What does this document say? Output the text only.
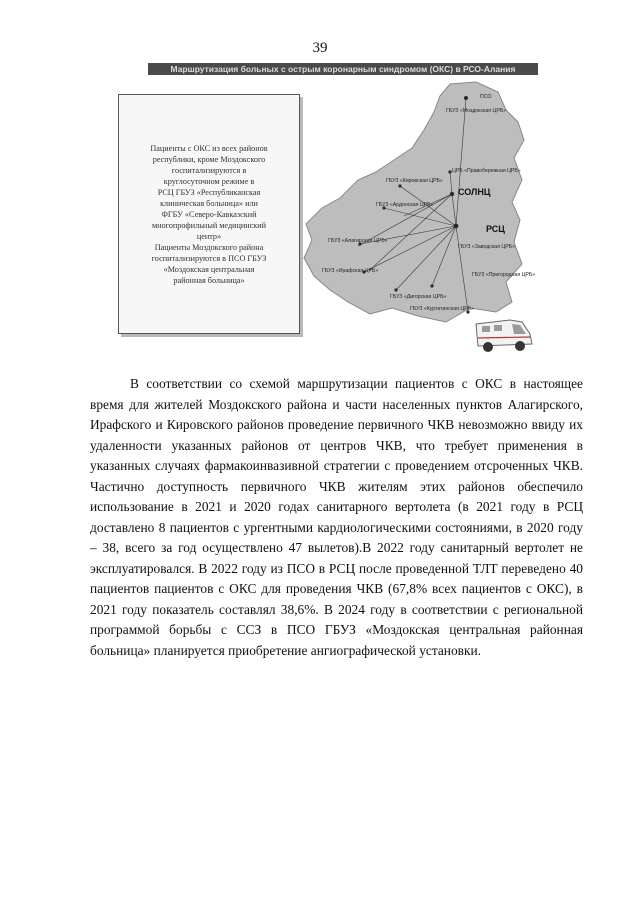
39
Маршрутизация больных с острым коронарным синдромом (ОКС) в РСО-Алания

Пациенты с ОКС из всех районов

республики, кроме Моздокского

госпитализируются в

круглосуточном режиме в

РСЦ ГБУЗ «Республиканская

клиническая больница» или

ФГБУ «Северо-Кавказский

многопрофильный медицинский

центр»

Пациенты Моздокского района

госпитализируются в ПСО ГБУЗ

«Моздокская центральная

районная больница»

ПСО
ГБУЗ «Моздокская ЦРБ»
ЦРБ «Правобережная ЦРБ»
ГБУЗ «Кировская ЦРБ»
СОЛНЦ
ГБУЗ «Ардонская ЦРБ»
ГБУЗ «Заводская ЦРБ»
РСЦ
ГБУЗ «Алагирская ЦРБ»
ГБУЗ «Ирафская ЦРБ»
ГБУЗ «Пригородная ЦРБ»
ГБУЗ «Дигорская ЦРБ»
ГБУЗ «Куртатинская ЦРБ»

В соответствии со схемой маршрутизации пациентов с ОКС в настоящее время для жителей Моздокского района и части населенных пунктов Алагирского, Ирафского и Кировского районов проведение первичного ЧКВ невозможно ввиду их удаленности указанных районов от центров ЧКВ, что требует применения в указанных случаях фармакоинвазивной стратегии с проведением отсроченных ЧКВ. Частично доступность первичного ЧКВ жителям этих районов обеспечило использование в 2021 и 2020 годах санитарного вертолета (в 2021 году в РСЦ доставлено 8 пациентов с ургентными кардиологическими состояниями, в 2020 году – 38, всего за год осуществлено 47 вылетов).В 2022 году санитарный вертолет не эксплуатировался. В 2022 году из ПСО в РСЦ после проведенной ТЛТ переведено 40 пациентов пациентов с ОКС для проведения ЧКВ (67,8% всех пациентов с ОКС), в 2021 году показатель составлял 38,6%. В 2024 году в соответствии с региональной программой борьбы с ССЗ в ПСО ГБУЗ «Моздокская центральная районная больница» планируется приобретение ангиографической установки.
